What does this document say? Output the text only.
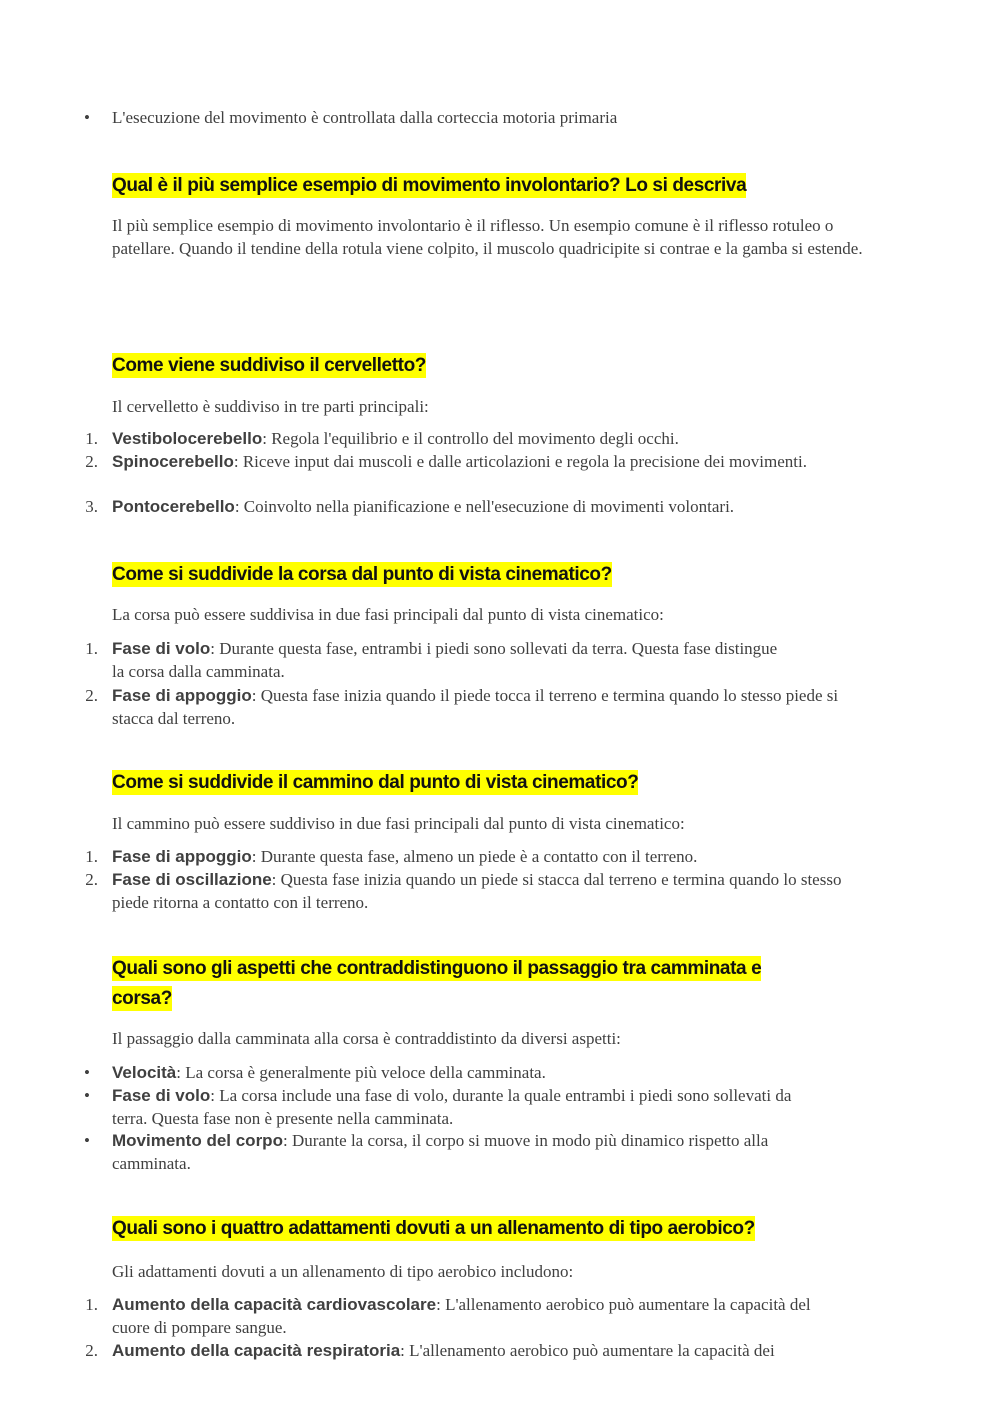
• L'esecuzione del movimento è controllata dalla corteccia motoria primaria

Qual è il più semplice esempio di movimento involontario? Lo si descriva

Il più semplice esempio di movimento involontario è il riflesso. Un esempio comune è il riflesso rotuleo o patellare. Quando il tendine della rotula viene colpito, il muscolo quadricipite si contrae e la gamba si estende.

Come viene suddiviso il cervelletto?

Il cervelletto è suddiviso in tre parti principali:

1. Vestibolocerebello: Regola l'equilibrio e il controllo del movimento degli occhi.

2. Spinocerebello: Riceve input dai muscoli e dalle articolazioni e regola la precisione dei movimenti.

3. Pontocerebello: Coinvolto nella pianificazione e nell'esecuzione di movimenti volontari.

Come si suddivide la corsa dal punto di vista cinematico?

La corsa può essere suddivisa in due fasi principali dal punto di vista cinematico:

1. Fase di volo: Durante questa fase, entrambi i piedi sono sollevati da terra. Questa fase distingue la corsa dalla camminata.

2. Fase di appoggio: Questa fase inizia quando il piede tocca il terreno e termina quando lo stesso piede si stacca dal terreno.

Come si suddivide il cammino dal punto di vista cinematico?

Il cammino può essere suddiviso in due fasi principali dal punto di vista cinematico:

1. Fase di appoggio: Durante questa fase, almeno un piede è a contatto con il terreno.

2. Fase di oscillazione: Questa fase inizia quando un piede si stacca dal terreno e termina quando lo stesso piede ritorna a contatto con il terreno.

Quali sono gli aspetti che contraddistinguono il passaggio tra camminata e

corsa?

Il passaggio dalla camminata alla corsa è contraddistinto da diversi aspetti:

• Velocità: La corsa è generalmente più veloce della camminata.

• Fase di volo: La corsa include una fase di volo, durante la quale entrambi i piedi sono sollevati da terra. Questa fase non è presente nella camminata.

• Movimento del corpo: Durante la corsa, il corpo si muove in modo più dinamico rispetto alla camminata.

Quali sono i quattro adattamenti dovuti a un allenamento di tipo aerobico?

Gli adattamenti dovuti a un allenamento di tipo aerobico includono:

1. Aumento della capacità cardiovascolare: L'allenamento aerobico può aumentare la capacità del cuore di pompare sangue.

2. Aumento della capacità respiratoria: L'allenamento aerobico può aumentare la capacità dei
